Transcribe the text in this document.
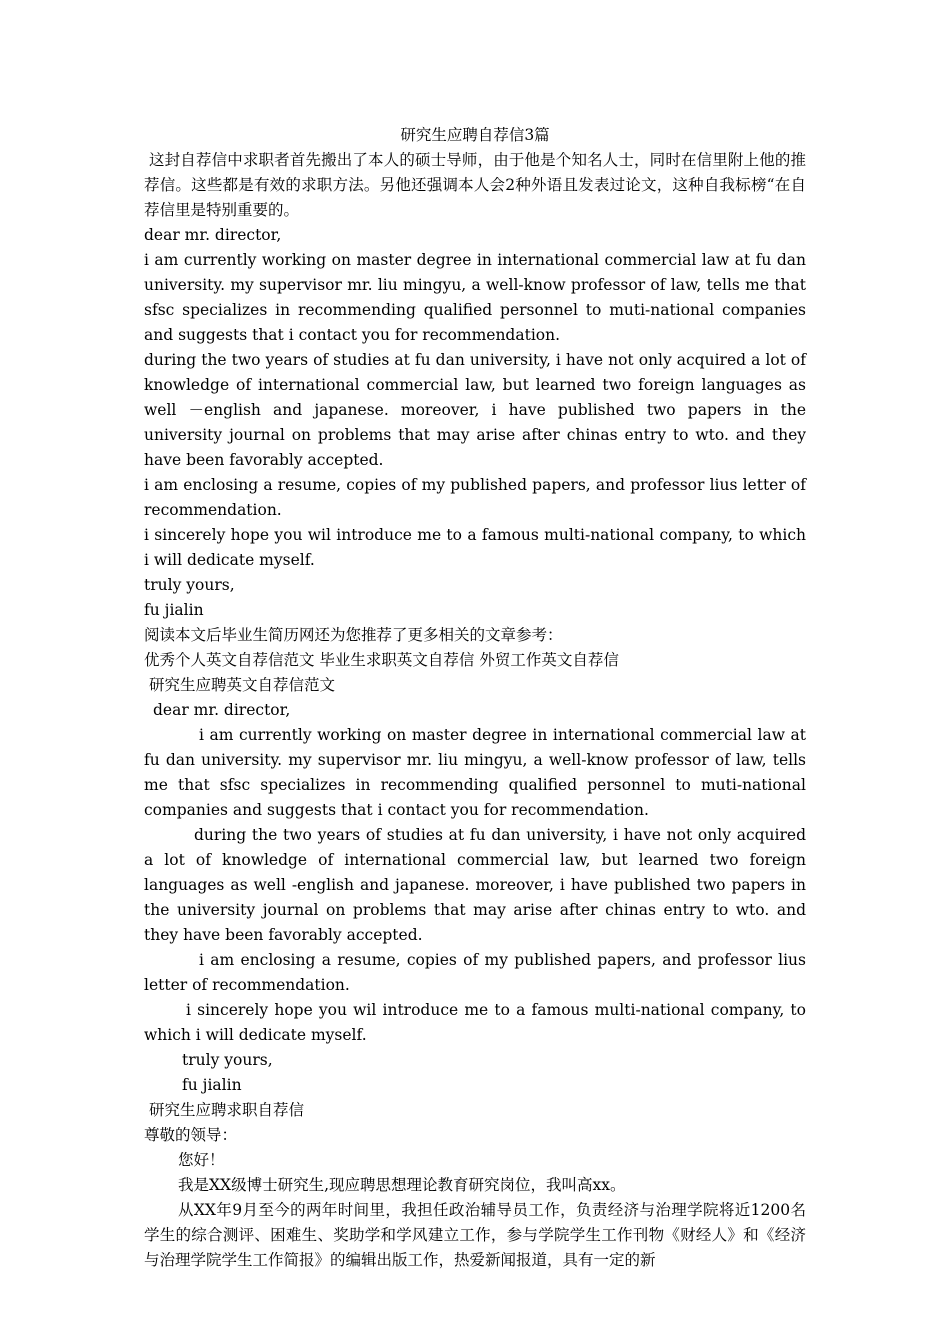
研究生应聘自荐信3篇

这封自荐信中求职者首先搬出了本人的硕士导师，由于他是个知名人士，同时在信里附上他的推荐信。这些都是有效的求职方法。另他还强调本人会2种外语且发表过论文，这种自我标榜“在自荐信里是特别重要的。

dear mr. director,

i am currently working on master degree in international commercial law at fu dan university. my supervisor mr. liu mingyu, a well-know professor of law, tells me that sfsc specializes in recommending qualified personnel to muti-national companies and suggests that i contact you for recommendation.

during the two years of studies at fu dan university, i have not only acquired a lot of knowledge of international commercial law, but learned two foreign languages as well －english and japanese. moreover, i have published two papers in the university journal on problems that may arise after chinas entry to wto. and they have been favorably accepted.

i am enclosing a resume, copies of my published papers, and professor lius letter of recommendation.

i sincerely hope you wil introduce me to a famous multi-national company, to which i will dedicate myself.

truly yours,

fu jialin

阅读本文后毕业生简历网还为您推荐了更多相关的文章参考：

优秀个人英文自荐信范文 毕业生求职英文自荐信 外贸工作英文自荐信

研究生应聘英文自荐信范文

dear mr. director,

i am currently working on master degree in international commercial law at fu dan university. my supervisor mr. liu mingyu, a well-know professor of law, tells me that sfsc specializes in recommending qualified personnel to muti-national companies and suggests that i contact you for recommendation.

during the two years of studies at fu dan university, i have not only acquired a lot of knowledge of international commercial law, but learned two foreign languages as well -english and japanese. moreover, i have published two papers in the university journal on problems that may arise after chinas entry to wto. and they have been favorably accepted.

i am enclosing a resume, copies of my published papers, and professor lius letter of recommendation.

i sincerely hope you wil introduce me to a famous multi-national company, to which i will dedicate myself.

truly yours,

fu jialin

研究生应聘求职自荐信

尊敬的领导：

您好！

我是XX级博士研究生,现应聘思想理论教育研究岗位，我叫高xx。

从XX年9月至今的两年时间里，我担任政治辅导员工作，负责经济与治理学院将近1200名学生的综合测评、困难生、奖助学和学风建立工作，参与学院学生工作刊物《财经人》和《经济与治理学院学生工作简报》的编辑出版工作，热爱新闻报道，具有一定的新
